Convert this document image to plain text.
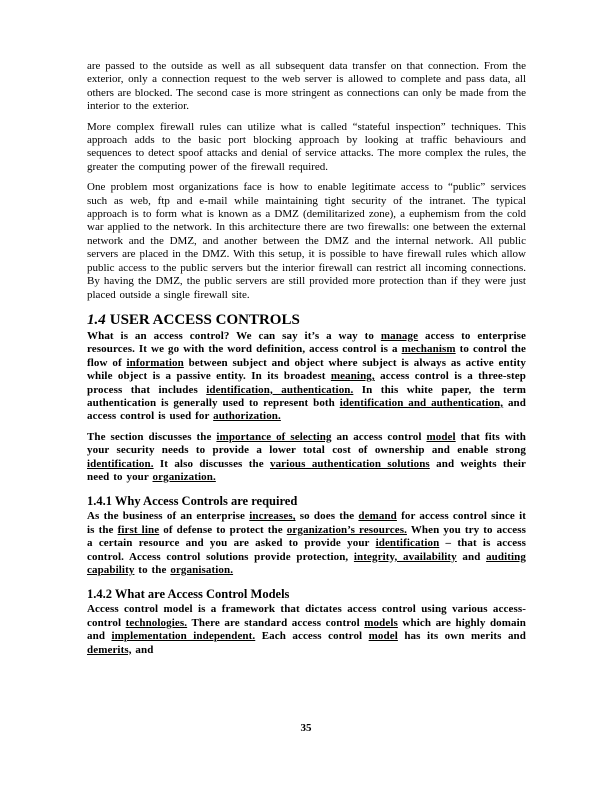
are passed to the outside as well as all subsequent data transfer on that connection. From the exterior, only a connection request to the web server is allowed to complete and pass data, all others are blocked. The second case is more stringent as connections can only be made from the interior to the exterior.

More complex firewall rules can utilize what is called “stateful inspection” techniques. This approach adds to the basic port blocking approach by looking at traffic behaviours and sequences to detect spoof attacks and denial of service attacks. The more complex the rules, the greater the computing power of the firewall required.

One problem most organizations face is how to enable legitimate access to “public” services such as web, ftp and e-mail while maintaining tight security of the intranet. The typical approach is to form what is known as a DMZ (demilitarized zone), a euphemism from the cold war applied to the network. In this architecture there are two firewalls: one between the external network and the DMZ, and another between the DMZ and the internal network. All public servers are placed in the DMZ. With this setup, it is possible to have firewall rules which allow public access to the public servers but the interior firewall can restrict all incoming connections. By having the DMZ, the public servers are still provided more protection than if they were just placed outside a single firewall site.

1.4 USER ACCESS CONTROLS

What is an access control? We can say it’s a way to manage access to enterprise resources. It we go with the word definition, access control is a mechanism to control the flow of information between subject and object where subject is always as active entity while object is a passive entity. In its broadest meaning, access control is a three-step process that includes identification, authentication. In this white paper, the term authentication is generally used to represent both identification and authentication, and access control is used for authorization.

The section discusses the importance of selecting an access control model that fits with your security needs to provide a lower total cost of ownership and enable strong identification. It also discusses the various authentication solutions and weights their need to your organization.

1.4.1 Why Access Controls are required

As the business of an enterprise increases, so does the demand for access control since it is the first line of defense to protect the organization’s resources. When you try to access a certain resource and you are asked to provide your identification – that is access control. Access control solutions provide protection, integrity, availability and auditing capability to the organisation.

1.4.2 What are Access Control Models

Access control model is a framework that dictates access control using various access-control technologies. There are standard access control models which are highly domain and implementation independent. Each access control model has its own merits and demerits, and

35
